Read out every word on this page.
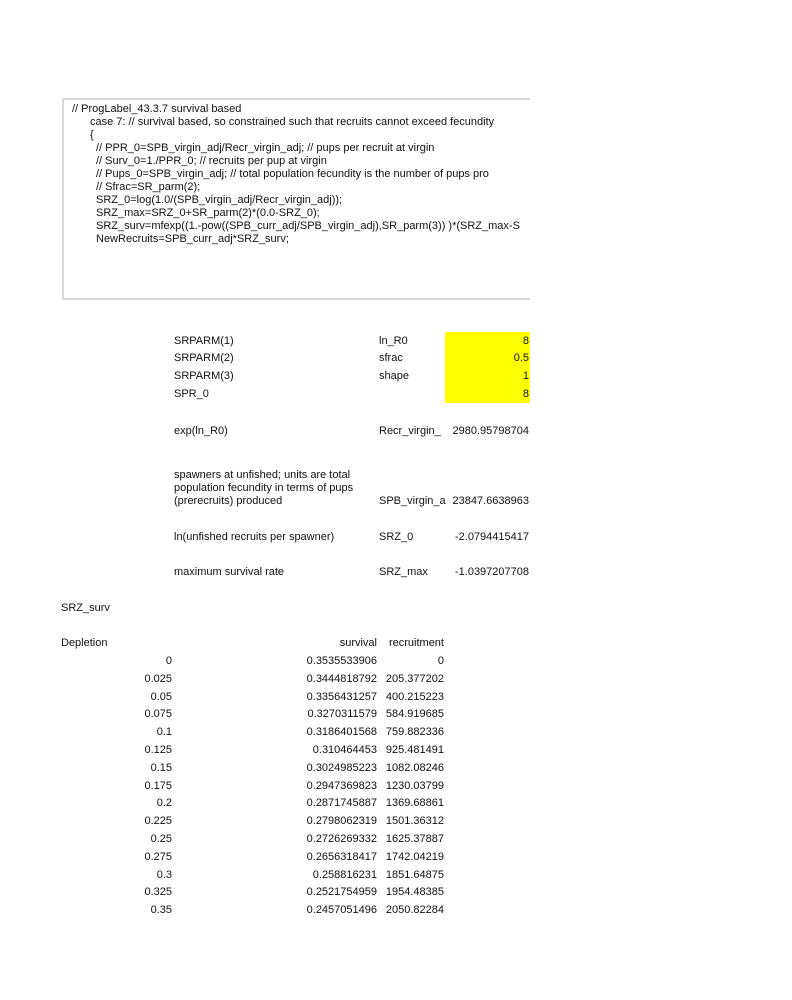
// ProgLabel_43.3.7 survival based
case 7: // survival based, so constrained such that recruits cannot exceed fecundity
{
// PPR_0=SPB_virgin_adj/Recr_virgin_adj; // pups per recruit at virgin
// Surv_0=1./PPR_0; // recruits per pup at virgin
// Pups_0=SPB_virgin_adj; // total population fecundity is the number of pups pro
// Sfrac=SR_parm(2);
SRZ_0=log(1.0/(SPB_virgin_adj/Recr_virgin_adj));
SRZ_max=SRZ_0+SR_parm(2)*(0.0-SRZ_0);
SRZ_surv=mfexp((1.-pow((SPB_curr_adj/SPB_virgin_adj),SR_parm(3)) )*(SRZ_max-S
NewRecruits=SPB_curr_adj*SRZ_surv;
SRPARM(1)	ln_R0	8
SRPARM(2)	sfrac	0.5
SRPARM(3)	shape	1
SPR_0	8
exp(ln_R0)	Recr_virgin_	2980.95798704
spawners at unfished; units are total
population fecundity in terms of pups
(prerecruits) produced	SPB_virgin_a 23847.6638963
ln(unfished recruits per spawner)	SRZ_0	-2.0794415417
maximum survival rate	SRZ_max	-1.0397207708
SRZ_surv
Depletion	survival	recruitment
0	0.3535533906	0
0.025	0.3444818792 205.377202
0.05	0.3356431257 400.215223
0.075	0.3270311579 584.919685
0.1	0.3186401568 759.882336
0.125	0.310464453 925.481491
0.15	0.3024985223 1082.08246
0.175	0.2947369823 1230.03799
0.2	0.2871745887 1369.68861
0.225	0.2798062319 1501.36312
0.25	0.2726269332 1625.37887
0.275	0.2656318417 1742.04219
0.3	0.258816231 1851.64875
0.325	0.2521754959 1954.48385
0.35	0.2457051496 2050.82284
